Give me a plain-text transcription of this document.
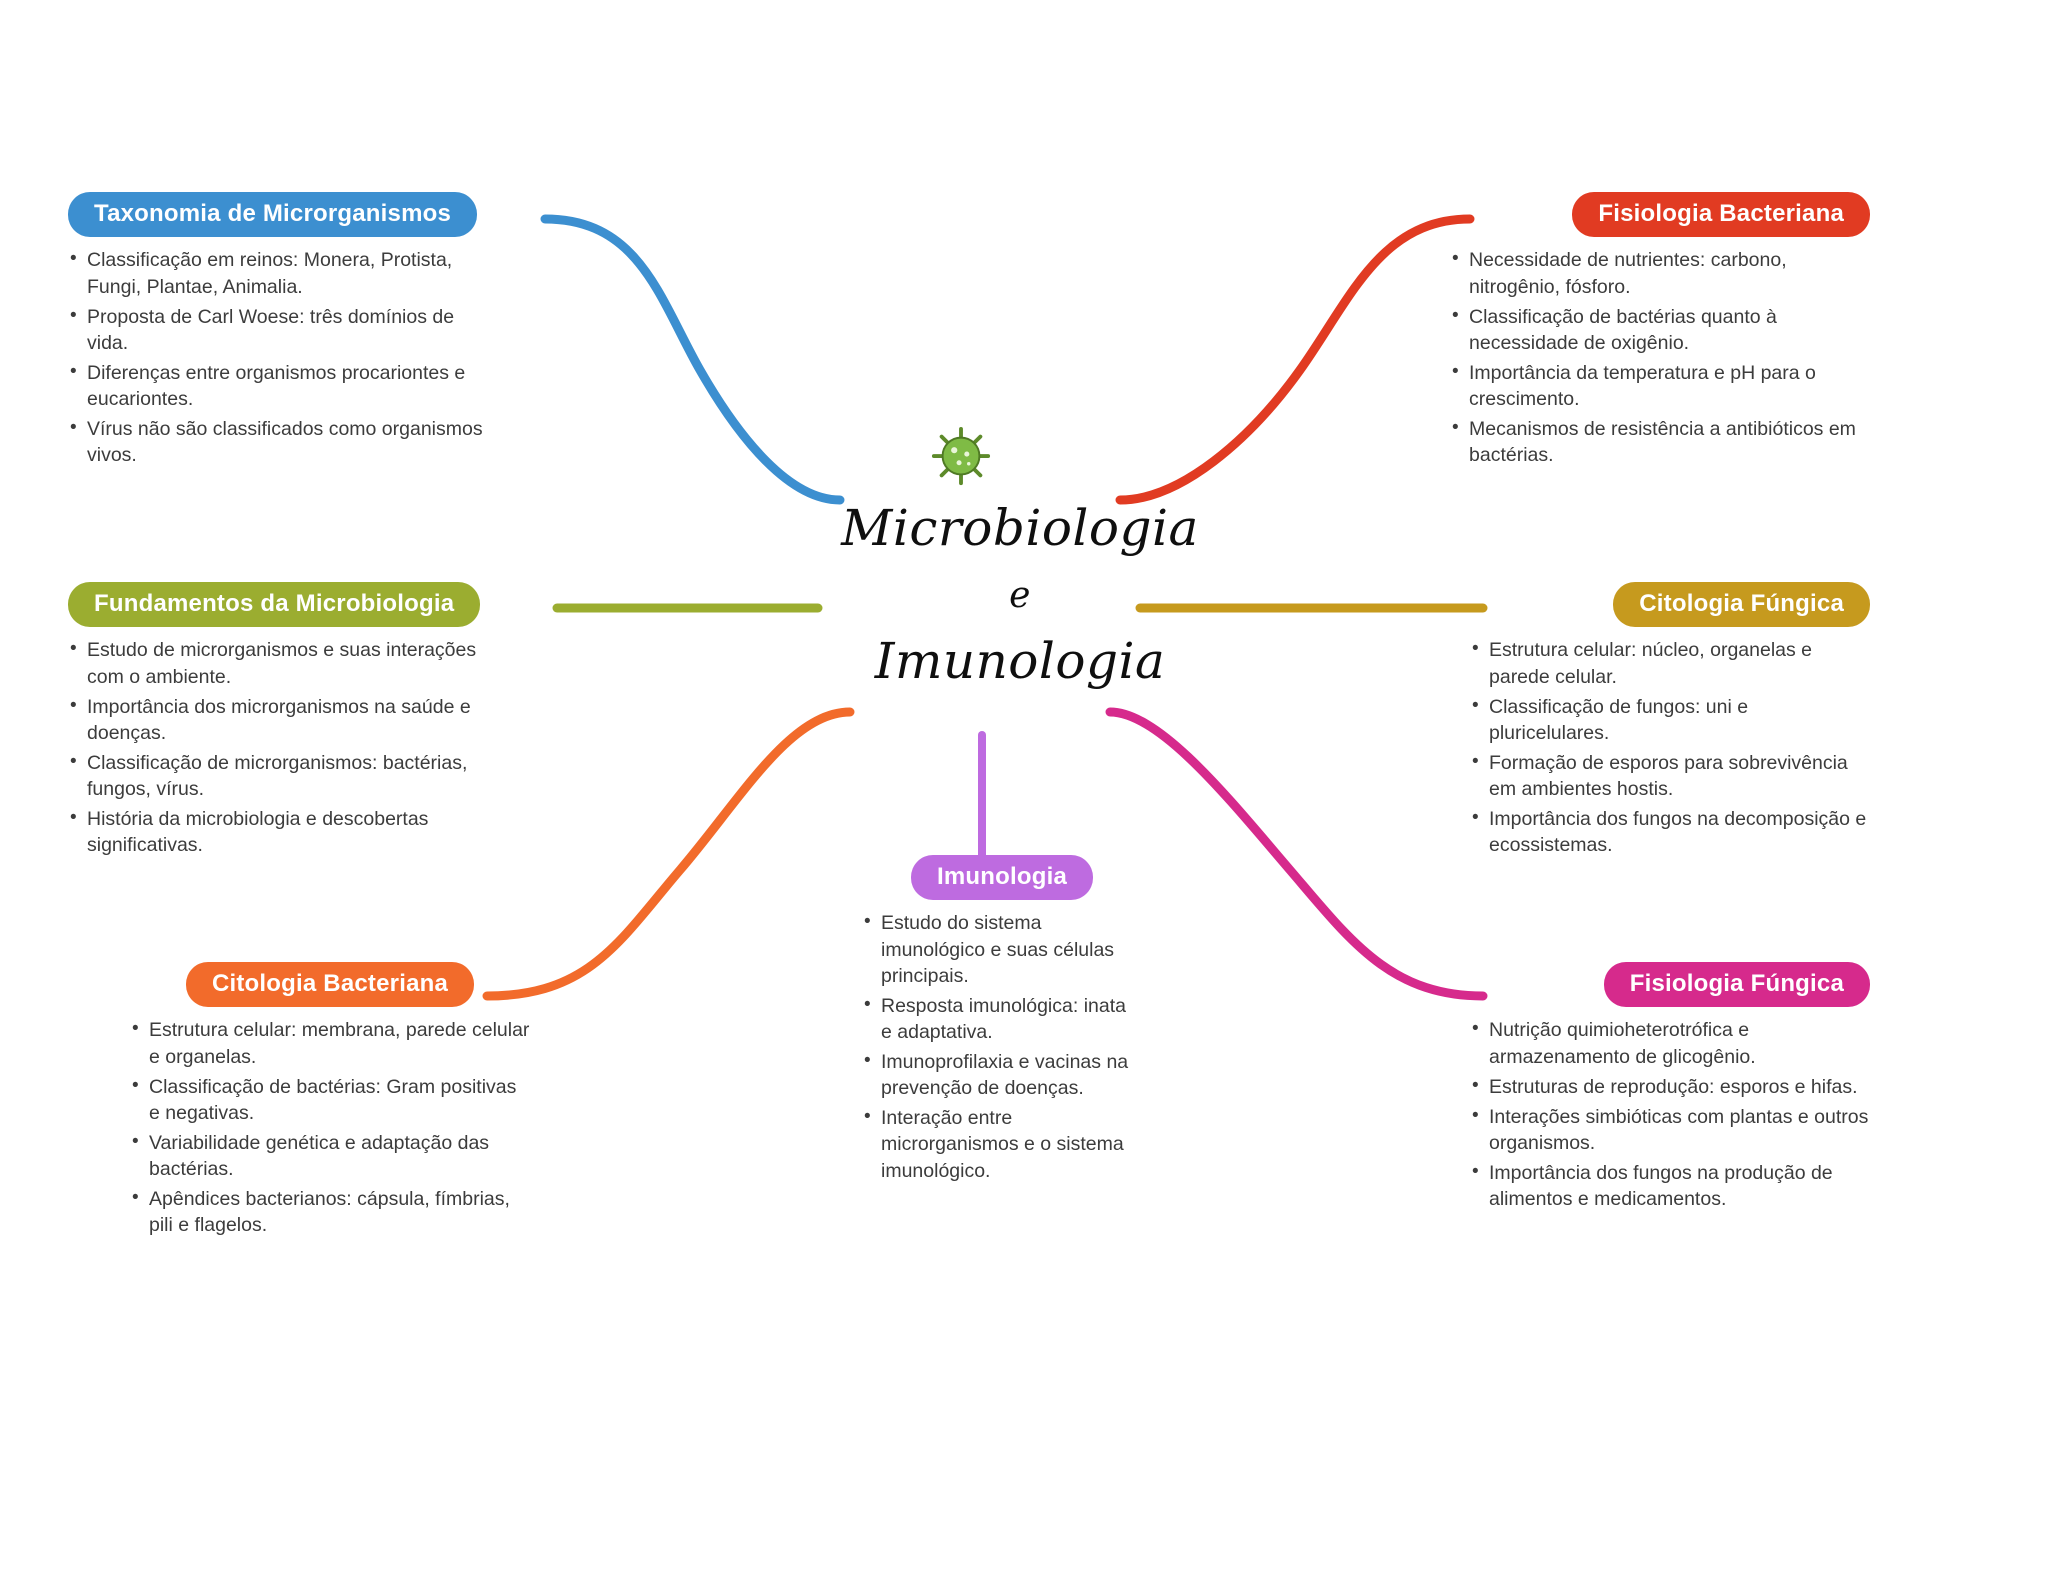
Microbiologia
e
Imunologia
Taxonomia de Microrganismos
• Classificação em reinos: Monera, Protista, Fungi, Plantae, Animalia.
• Proposta de Carl Woese: três domínios de vida.
• Diferenças entre organismos procariontes e eucariontes.
• Vírus não são classificados como organismos vivos.
Fundamentos da Microbiologia
• Estudo de microrganismos e suas interações com o ambiente.
• Importância dos microrganismos na saúde e doenças.
• Classificação de microrganismos: bactérias, fungos, vírus.
• História da microbiologia e descobertas significativas.
Citologia Bacteriana
• Estrutura celular: membrana, parede celular e organelas.
• Classificação de bactérias: Gram positivas e negativas.
• Variabilidade genética e adaptação das bactérias.
• Apêndices bacterianos: cápsula, fímbrias, pili e flagelos.
Imunologia
• Estudo do sistema imunológico e suas células principais.
• Resposta imunológica: inata e adaptativa.
• Imunoprofilaxia e vacinas na prevenção de doenças.
• Interação entre microrganismos e o sistema imunológico.
Fisiologia Bacteriana
• Necessidade de nutrientes: carbono, nitrogênio, fósforo.
• Classificação de bactérias quanto à necessidade de oxigênio.
• Importância da temperatura e pH para o crescimento.
• Mecanismos de resistência a antibióticos em bactérias.
Citologia Fúngica
• Estrutura celular: núcleo, organelas e parede celular.
• Classificação de fungos: uni e pluricelulares.
• Formação de esporos para sobrevivência em ambientes hostis.
• Importância dos fungos na decomposição e ecossistemas.
Fisiologia Fúngica
• Nutrição quimioheterotrófica e armazenamento de glicogênio.
• Estruturas de reprodução: esporos e hifas.
• Interações simbióticas com plantas e outros organismos.
• Importância dos fungos na produção de alimentos e medicamentos.
